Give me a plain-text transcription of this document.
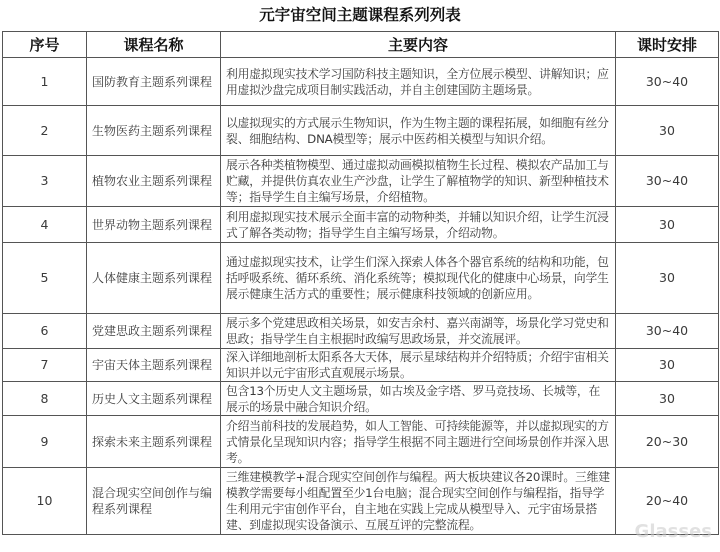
元宇宙空间主题课程系列列表
序号	课程名称	主要内容	课时安排
1	国防教育主题系列课程	利用虚拟现实技术学习国防科技主题知识，全方位展示模型、讲解知识；应用虚拟沙盘完成项目制实践活动，并自主创建国防主题场景。	30~40
2	生物医药主题系列课程	以虚拟现实的方式展示生物知识，作为生物主题的课程拓展，如细胞有丝分裂、细胞结构、DNA模型等；展示中医药相关模型与知识介绍。	30
3	植物农业主题系列课程	展示各种类植物模型、通过虚拟动画模拟植物生长过程、模拟农产品加工与贮藏，并提供仿真农业生产沙盘，让学生了解植物学的知识、新型种植技术等；指导学生自主编写场景，介绍植物。	30~40
4	世界动物主题系列课程	利用虚拟现实技术展示全面丰富的动物种类，并辅以知识介绍，让学生沉浸式了解各类动物；指导学生自主编写场景，介绍动物。	30
5	人体健康主题系列课程	通过虚拟现实技术，让学生们深入探索人体各个器官系统的结构和功能，包括呼吸系统、循环系统、消化系统等；模拟现代化的健康中心场景，向学生展示健康生活方式的重要性；展示健康科技领域的创新应用。	30
6	党建思政主题系列课程	展示多个党建思政相关场景，如安吉余村、嘉兴南湖等，场景化学习党史和思政；指导学生自主根据时政编写思政场景，并交流展评。	30~40
7	宇宙天体主题系列课程	深入详细地剖析太阳系各大天体，展示星球结构并介绍特质；介绍宇宙相关知识并以元宇宙形式直观展示场景。	30
8	历史人文主题系列课程	包含13个历史人文主题场景，如古埃及金字塔、罗马竞技场、长城等，在展示的场景中融合知识介绍。	30
9	探索未来主题系列课程	介绍当前科技的发展趋势，如人工智能、可持续能源等，并以虚拟现实的方式情景化呈现知识内容；指导学生根据不同主题进行空间场景创作并深入思考。	20~30
10	混合现实空间创作与编程系列课程	三维建模教学+混合现实空间创作与编程。两大板块建议各20课时。三维建模教学需要每小组配置至少1台电脑；混合现实空间创作与编程指，指导学生利用元宇宙创作平台，自主地在实践上完成从模型导入、元宇宙场景搭建、到虚拟现实设备演示、互展互评的完整流程。	20~40
Glasses
